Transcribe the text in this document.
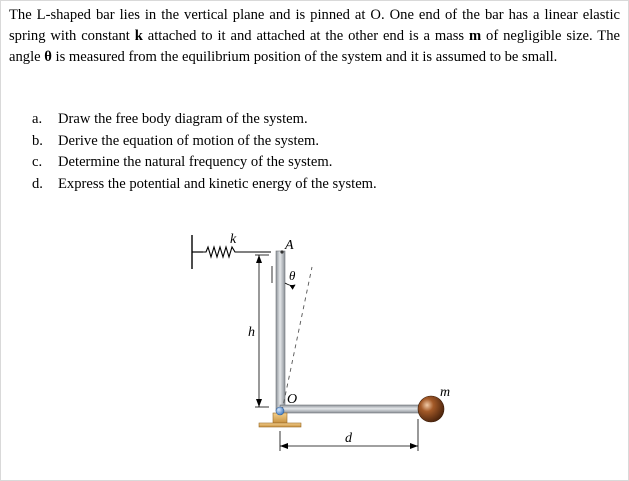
The L-shaped bar lies in the vertical plane and is pinned at O. One end of the bar has a linear elastic spring with constant k attached to it and attached at the other end is a mass m of negligible size. The angle θ is measured from the equilibrium position of the system and it is assumed to be small.

a.	Draw the free body diagram of the system.
b.	Derive the equation of motion of the system.
c.	Determine the natural frequency of the system.
d.	Express the potential and kinetic energy of the system.
k
m
A
θ
h
O
d
